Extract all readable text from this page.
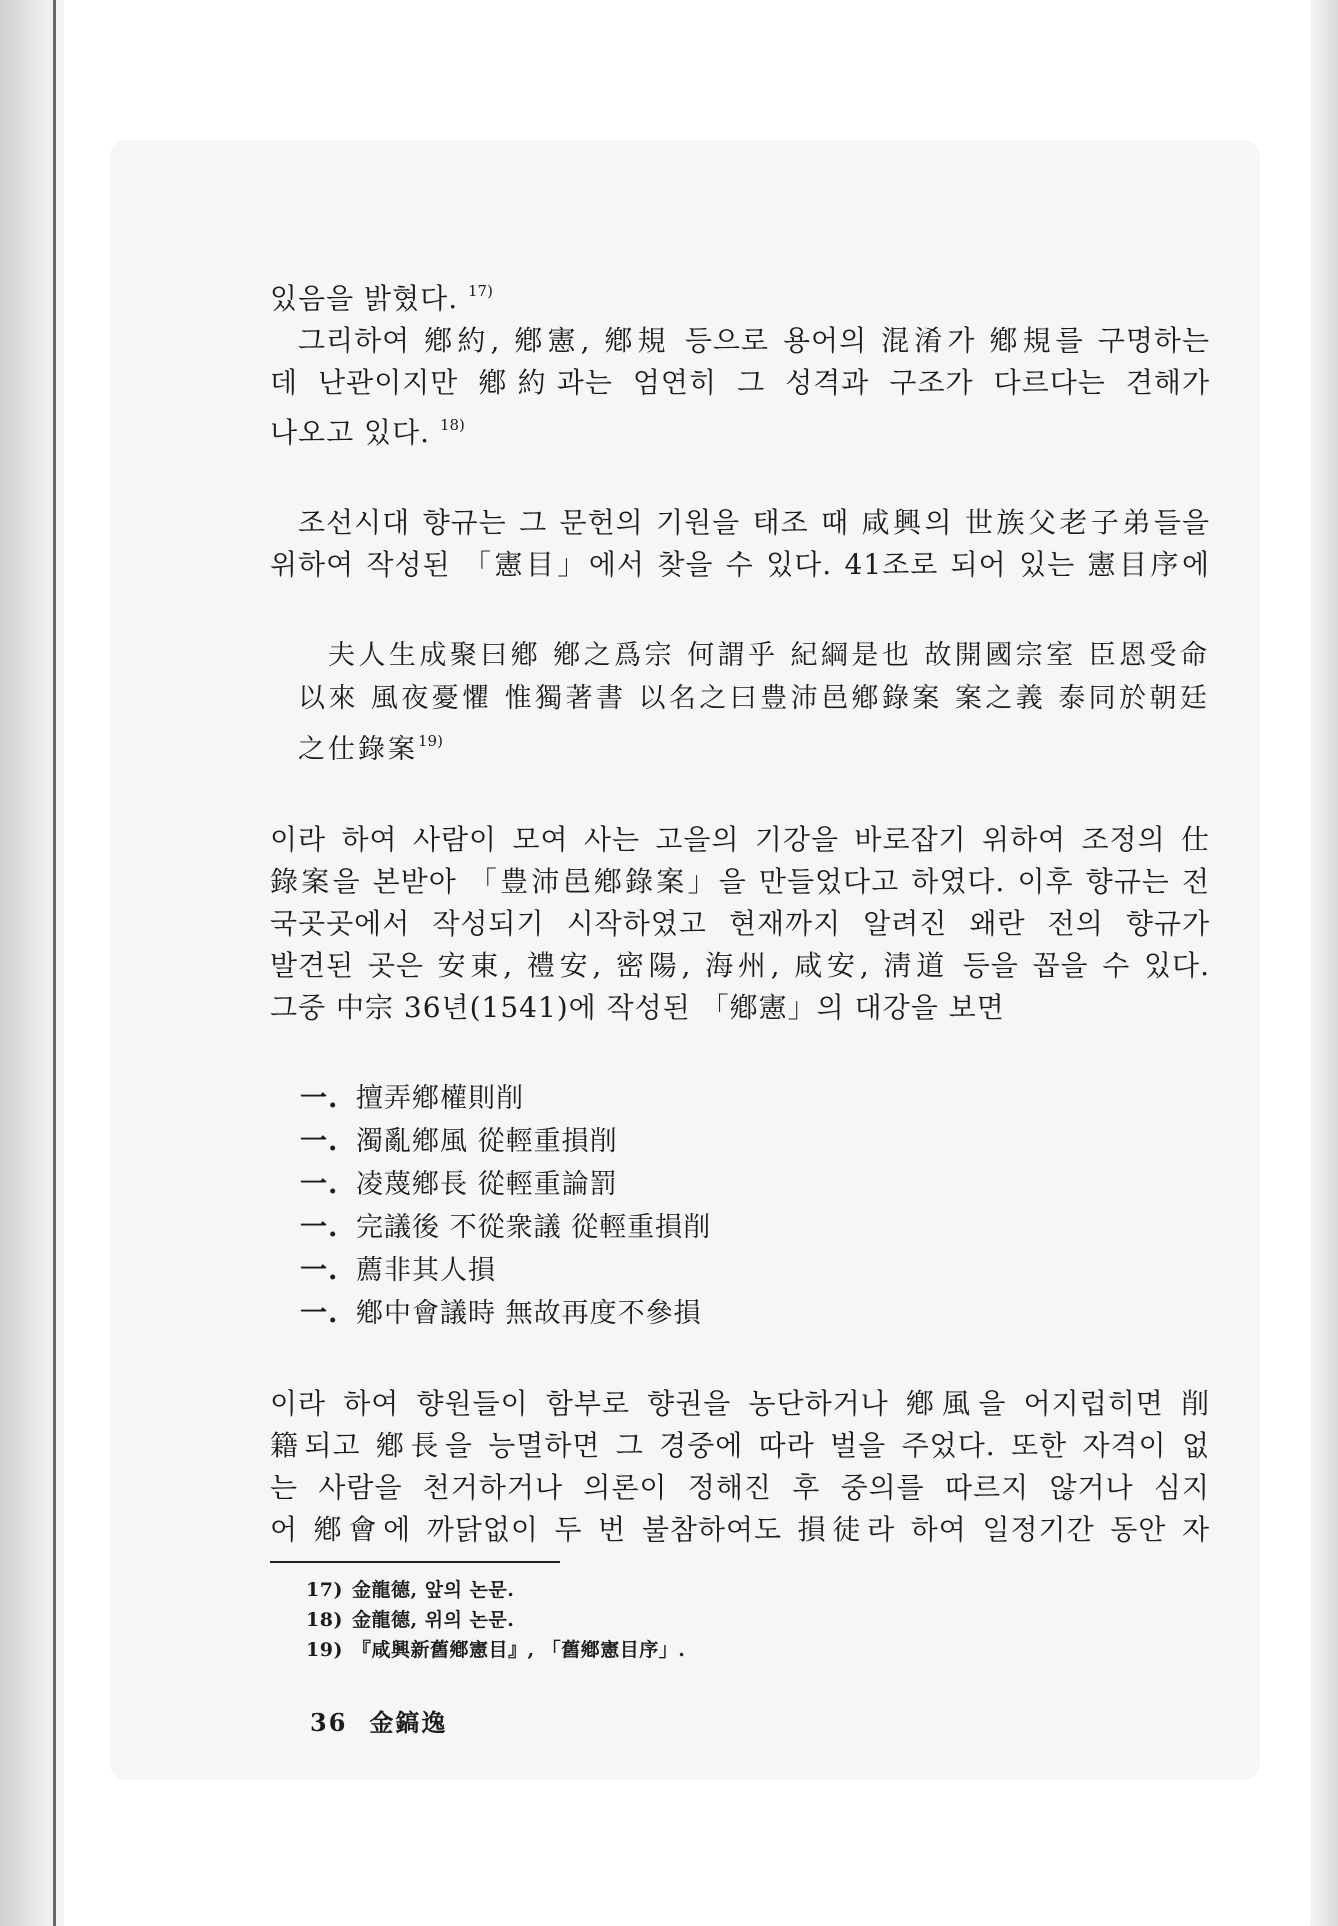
있음을 밝혔다. $^{17)}$

그리하여 鄕約, 鄕憲, 鄕規 등으로 용어의 混淆가 鄕規를 구명하는

데 난관이지만 鄕約과는 엄연히 그 성격과 구조가 다르다는 견해가

나오고 있다. $^{18)}$

조선시대 향규는 그 문헌의 기원을 태조 때 咸興의 世族父老子弟들을

위하여 작성된 「憲目」에서 찾을 수 있다. 41조로 되어 있는 憲目序에

夫人生成聚曰鄕 鄕之爲宗 何謂乎 紀綱是也 故開國宗室 臣恩受命

以來 風夜憂懼 惟獨著書 以名之曰豊沛邑鄕錄案 案之義 泰同於朝廷

之仕錄案$^{19)}$

이라 하여 사람이 모여 사는 고을의 기강을 바로잡기 위하여 조정의 仕

錄案을 본받아 「豊沛邑鄕錄案」을 만들었다고 하였다. 이후 향규는 전

국곳곳에서 작성되기 시작하였고 현재까지 알려진 왜란 전의 향규가

발견된 곳은 安東, 禮安, 密陽, 海州, 咸安, 淸道 등을 꼽을 수 있다.

그중 中宗 36년(1541)에 작성된 「鄕憲」의 대강을 보면

一. 擅弄鄕權則削

一. 濁亂鄕風 從輕重損削

一. 凌蔑鄕長 從輕重論罰

一. 完議後 不從衆議 從輕重損削

一. 薦非其人損

一. 鄕中會議時 無故再度不參損

이라 하여 향원들이 함부로 향권을 농단하거나 鄕風을 어지럽히면 削

籍되고 鄕長을 능멸하면 그 경중에 따라 벌을 주었다. 또한 자격이 없

는 사람을 천거하거나 의론이 정해진 후 중의를 따르지 않거나 심지

어 鄕會에 까닭없이 두 번 불참하여도 損徒라 하여 일정기간 동안 자

17) 金龍德, 앞의 논문.

18) 金龍德, 위의 논문.

19) 『咸興新舊鄕憲目』, 「舊鄕憲目序」.

36 金鎬逸
